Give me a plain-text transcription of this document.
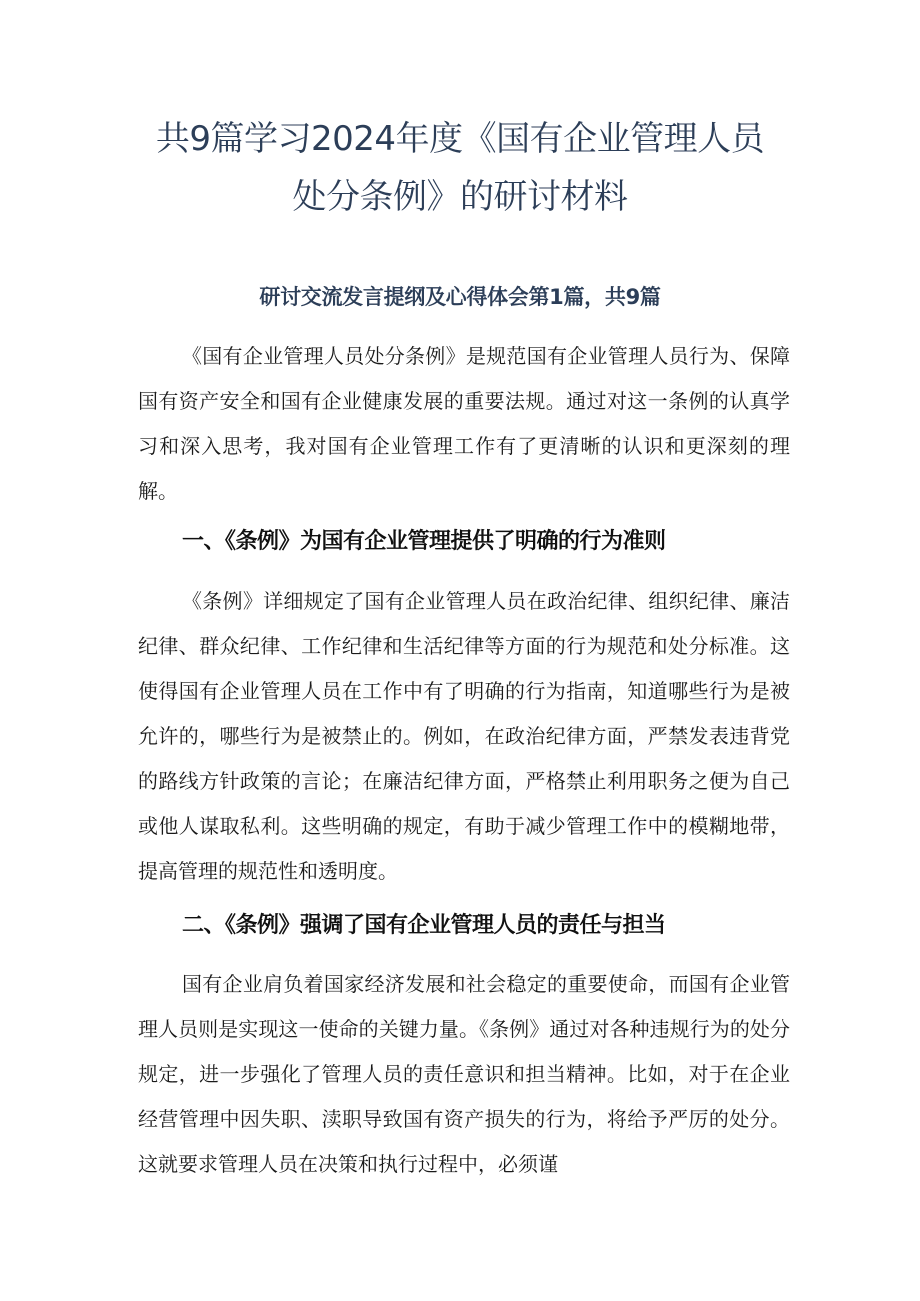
共9篇学习2024年度《国有企业管理人员
处分条例》的研讨材料
研讨交流发言提纲及心得体会第1篇，共9篇

《国有企业管理人员处分条例》是规范国有企业管理人员行为、保障国有资产安全和国有企业健康发展的重要法规。通过对这一条例的认真学习和深入思考，我对国有企业管理工作有了更清晰的认识和更深刻的理解。

一、《条例》为国有企业管理提供了明确的行为准则

《条例》详细规定了国有企业管理人员在政治纪律、组织纪律、廉洁纪律、群众纪律、工作纪律和生活纪律等方面的行为规范和处分标准。这使得国有企业管理人员在工作中有了明确的行为指南，知道哪些行为是被允许的，哪些行为是被禁止的。例如，在政治纪律方面，严禁发表违背党的路线方针政策的言论；在廉洁纪律方面，严格禁止利用职务之便为自己或他人谋取私利。这些明确的规定，有助于减少管理工作中的模糊地带，提高管理的规范性和透明度。

二、《条例》强调了国有企业管理人员的责任与担当

国有企业肩负着国家经济发展和社会稳定的重要使命，而国有企业管理人员则是实现这一使命的关键力量。《条例》通过对各种违规行为的处分规定，进一步强化了管理人员的责任意识和担当精神。比如，对于在企业经营管理中因失职、渎职导致国有资产损失的行为，将给予严厉的处分。这就要求管理人员在决策和执行过程中，必须谨
